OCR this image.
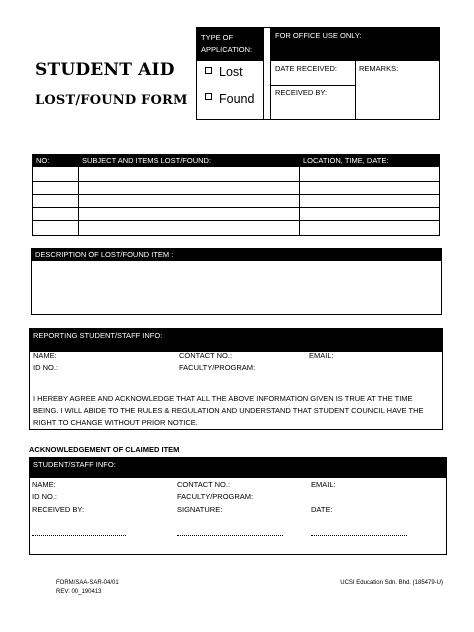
STUDENT AID
LOST/FOUND FORM
TYPE OF APPLICATION:
FOR OFFICE USE ONLY:
Lost
Found
DATE RECEIVED:	REMARKS:
RECEIVED BY:
NO:	SUBJECT AND ITEMS LOST/FOUND:	LOCATION, TIME, DATE:
DESCRIPTION OF LOST/FOUND ITEM :
REPORTING STUDENT/STAFF INFO:
NAME:	CONTACT NO.:	EMAIL:
ID NO.:	FACULTY/PROGRAM:
I HEREBY AGREE AND ACKNOWLEDGE THAT ALL THE ABOVE INFORMATION GIVEN IS TRUE AT THE TIME BEING. I WILL ABIDE TO THE RULES & REGULATION AND UNDERSTAND THAT STUDENT COUNCIL HAVE THE RIGHT TO CHANGE WITHOUT PRIOR NOTICE.
ACKNOWLEDGEMENT OF CLAIMED ITEM
STUDENT/STAFF INFO:
NAME:	CONTACT NO.:	EMAIL:
ID NO.:	FACULTY/PROGRAM:
RECEIVED BY:	SIGNATURE:	DATE:
FORM/SAA-SAR-04/01
REV: 00_190413
UCSI Education Sdn. Bhd. (185479-U)
